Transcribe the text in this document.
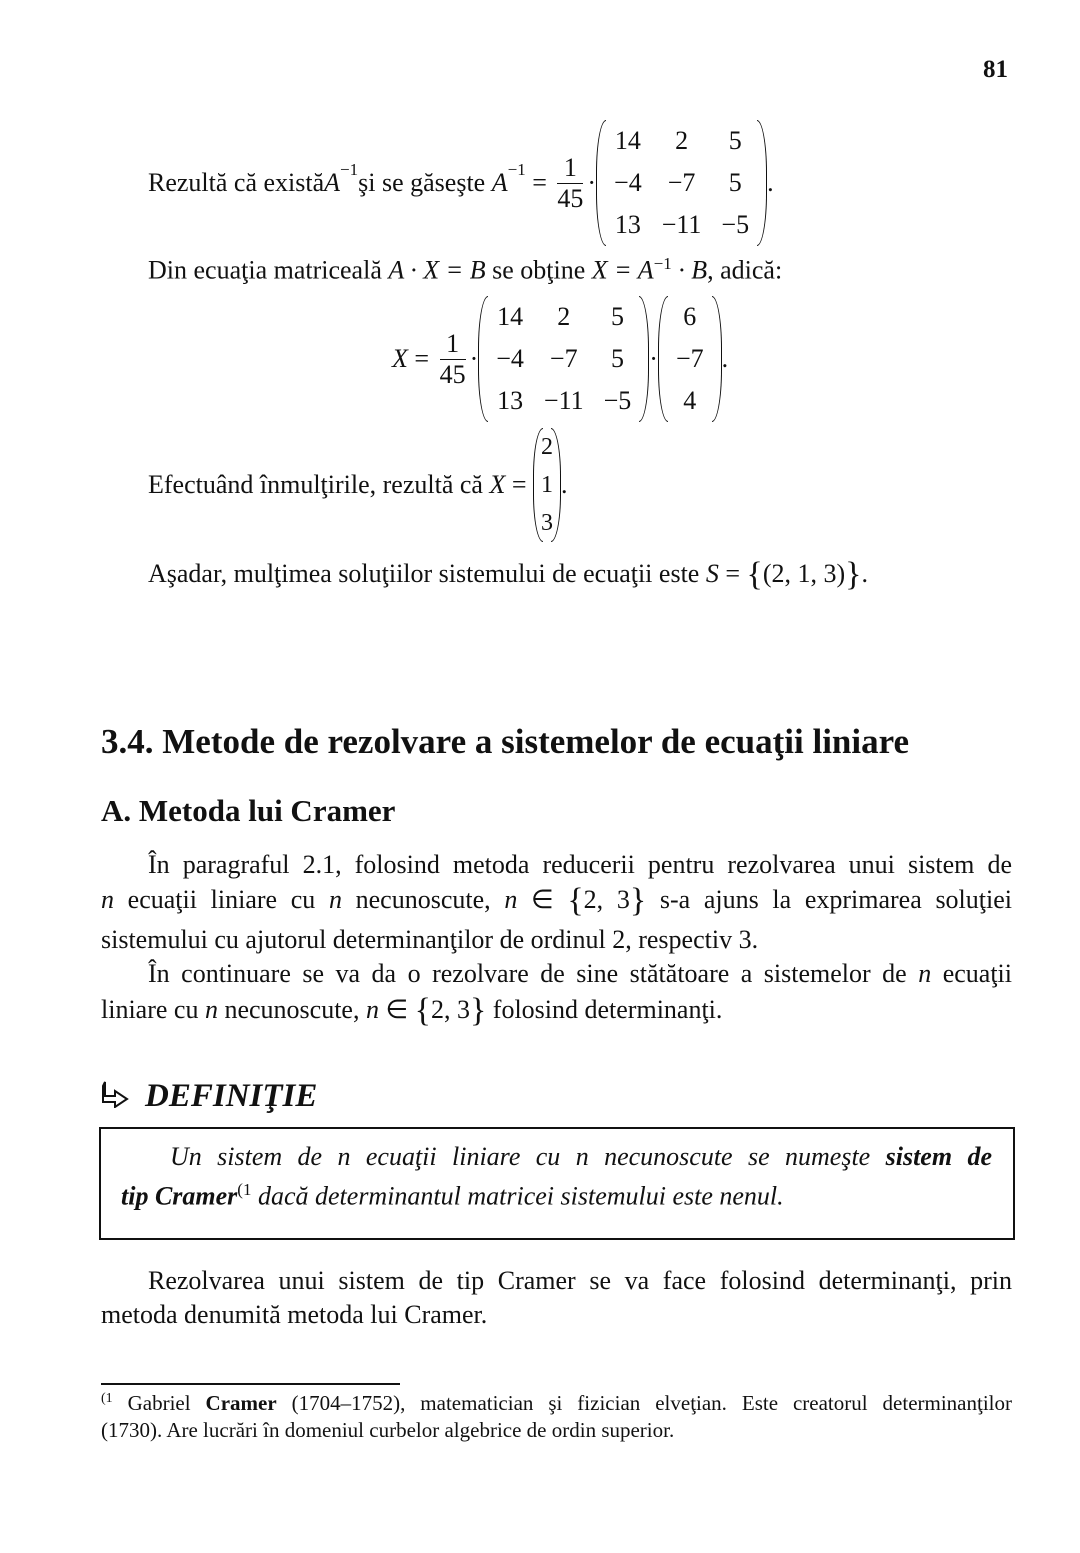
81
Rezultă că există $A^{-1}$ şi se găseşte
$A^{-1} = \frac{1}{45}$ ·
14	2	5
−4	−7	5
13	−11	−5
.
Din ecuaţia matriceală A · X = B se obţine $X = A^{-1} \cdot B$, adică:
$X = \frac{1}{45}$ ·
14	2	5
−4	−7	5
13	−11	−5
·
6
−7
4
.
Efectuând înmulţirile, rezultă că X =
2
1
3
.
Aşadar, mulţimea soluţiilor sistemului de ecuaţii este S = {(2, 1, 3)}.
3.4. Metode de rezolvare a sistemelor de ecuaţii liniare
A. Metoda lui Cramer
În paragraful 2.1, folosind metoda reducerii pentru rezolvarea unui sistem de
n ecuaţii liniare cu n necunoscute, n ∈ {2, 3} s-a ajuns la exprimarea soluţiei
sistemului cu ajutorul determinanţilor de ordinul 2, respectiv 3.
În continuare se va da o rezolvare de sine stătătoare a sistemelor de n ecuaţii
liniare cu n necunoscute, n ∈ {2, 3} folosind determinanţi.
DEFINIŢIE
Un sistem de n ecuaţii liniare cu n necunoscute se numeşte sistem de
tip Cramer$^{(1}$ dacă determinantul matricei sistemului este nenul.
Rezolvarea unui sistem de tip Cramer se va face folosind determinanţi, prin
metoda denumită metoda lui Cramer.
$^{(1}$ Gabriel Cramer (1704–1752), matematician şi fizician elveţian. Este creatorul determinanţilor
(1730). Are lucrări în domeniul curbelor algebrice de ordin superior.
